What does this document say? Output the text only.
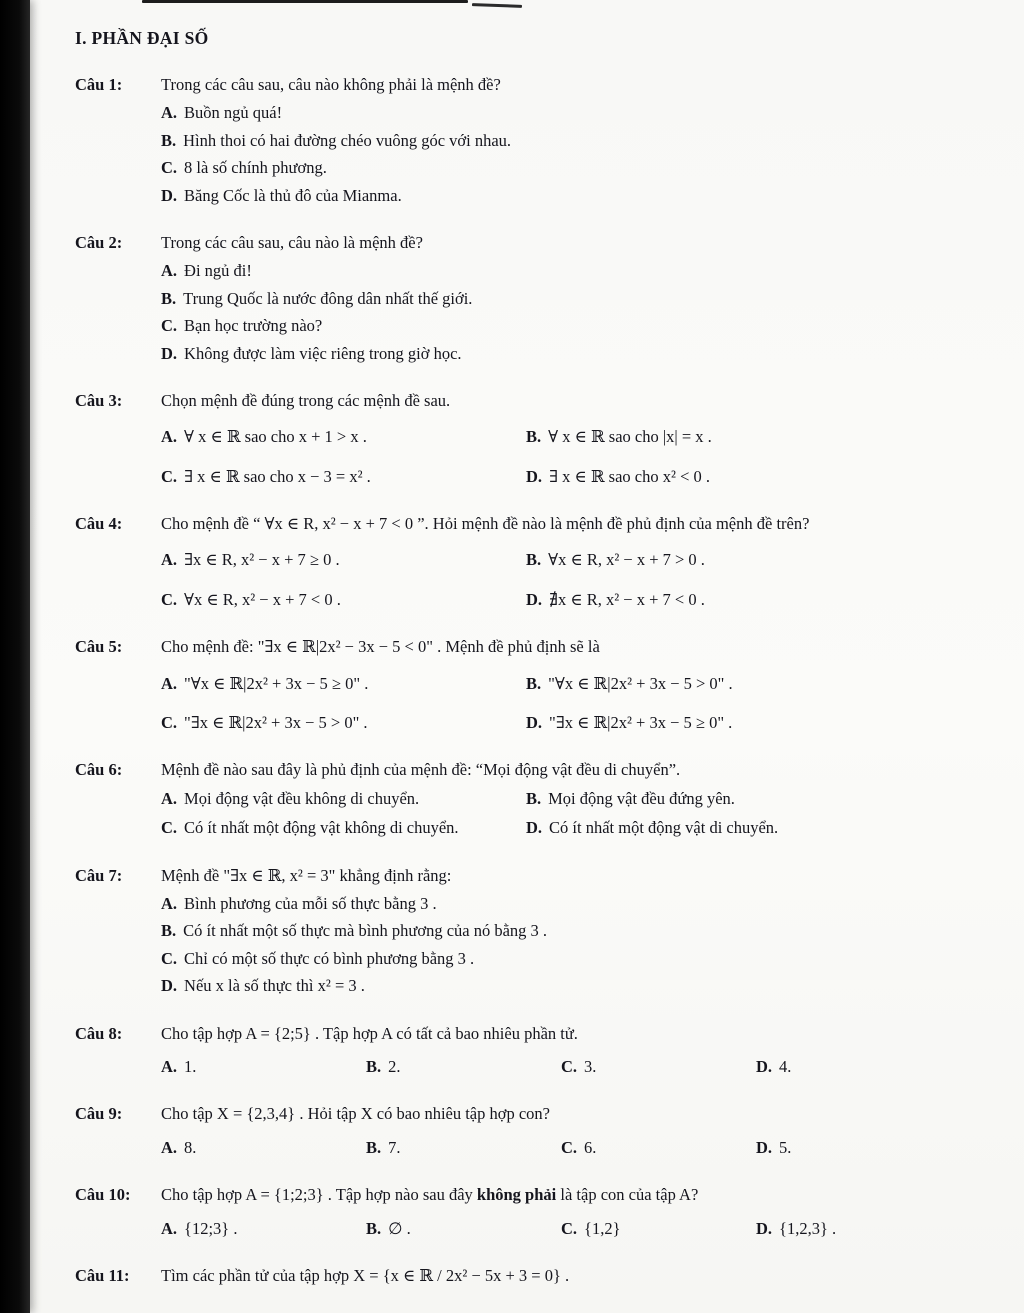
I. PHẦN ĐẠI SỐ
Câu 1:	Trong các câu sau, câu nào không phải là mệnh đề?
A. Buồn ngủ quá!
B. Hình thoi có hai đường chéo vuông góc với nhau.
C. 8 là số chính phương.
D. Băng Cốc là thủ đô của Mianma.
Câu 2:	Trong các câu sau, câu nào là mệnh đề?
A. Đi ngủ đi!
B. Trung Quốc là nước đông dân nhất thế giới.
C. Bạn học trường nào?
D. Không được làm việc riêng trong giờ học.
Câu 3:	Chọn mệnh đề đúng trong các mệnh đề sau.
A. ∀ x ∈ ℝ sao cho x + 1 > x .	B. ∀ x ∈ ℝ sao cho |x| = x .
C. ∃ x ∈ ℝ sao cho x − 3 = x² .	D. ∃ x ∈ ℝ sao cho x² < 0 .
Câu 4:	Cho mệnh đề “ ∀x ∈ R, x² − x + 7 < 0 ”. Hỏi mệnh đề nào là mệnh đề phủ định của mệnh đề trên?
A. ∃x ∈ R, x² − x + 7 ≥ 0 .	B. ∀x ∈ R, x² − x + 7 > 0 .
C. ∀x ∈ R, x² − x + 7 < 0 .	D. ∄x ∈ R, x² − x + 7 < 0 .
Câu 5:	Cho mệnh đề: "∃x ∈ ℝ|2x² − 3x − 5 < 0" . Mệnh đề phủ định sẽ là
A. "∀x ∈ ℝ|2x² + 3x − 5 ≥ 0" .	B. "∀x ∈ ℝ|2x² + 3x − 5 > 0" .
C. "∃x ∈ ℝ|2x² + 3x − 5 > 0" .	D. "∃x ∈ ℝ|2x² + 3x − 5 ≥ 0" .
Câu 6:	Mệnh đề nào sau đây là phủ định của mệnh đề: “Mọi động vật đều di chuyển”.
A. Mọi động vật đều không di chuyển.	B. Mọi động vật đều đứng yên.
C. Có ít nhất một động vật không di chuyển.	D. Có ít nhất một động vật di chuyển.
Câu 7:	Mệnh đề "∃x ∈ ℝ, x² = 3" khẳng định rằng:
A. Bình phương của mỗi số thực bằng 3 .
B. Có ít nhất một số thực mà bình phương của nó bằng 3 .
C. Chỉ có một số thực có bình phương bằng 3 .
D. Nếu x là số thực thì x² = 3 .
Câu 8:	Cho tập hợp A = {2;5} . Tập hợp A có tất cả bao nhiêu phần tử.
A. 1.	B. 2.	C. 3.	D. 4.
Câu 9:	Cho tập X = {2,3,4} . Hỏi tập X có bao nhiêu tập hợp con?
A. 8.	B. 7.	C. 6.	D. 5.
Câu 10:	Cho tập hợp A = {1;2;3} . Tập hợp nào sau đây không phải là tập con của tập A?
A. {12;3} .	B. ∅ .	C. {1,2}	D. {1,2,3} .
Câu 11:	Tìm các phần tử của tập hợp X = {x ∈ ℝ / 2x² − 5x + 3 = 0} .
